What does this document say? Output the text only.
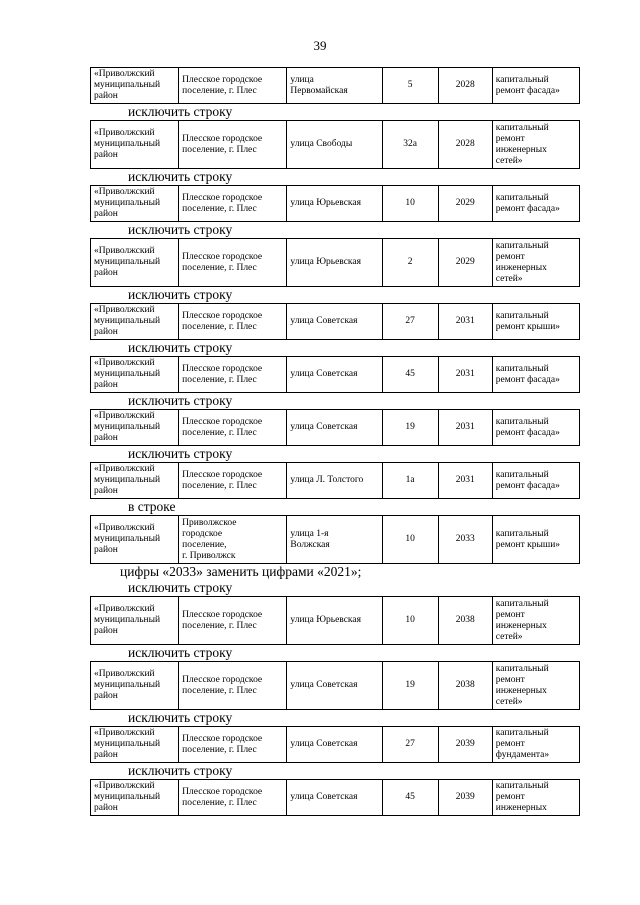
39
«Приволжский
муниципальный
район	Плесское городское
поселение, г. Плес	улица
Первомайская	5	2028	капитальный
ремонт фасада»
исключить строку
«Приволжский
муниципальный
район	Плесское городское
поселение, г. Плес	улица Свободы	32а	2028	капитальный
ремонт
инженерных
сетей»
исключить строку
«Приволжский
муниципальный
район	Плесское городское
поселение, г. Плес	улица Юрьевская	10	2029	капитальный
ремонт фасада»
исключить строку
«Приволжский
муниципальный
район	Плесское городское
поселение, г. Плес	улица Юрьевская	2	2029	капитальный
ремонт
инженерных
сетей»
исключить строку
«Приволжский
муниципальный
район	Плесское городское
поселение, г. Плес	улица Советская	27	2031	капитальный
ремонт крыши»
исключить строку
«Приволжский
муниципальный
район	Плесское городское
поселение, г. Плес	улица Советская	45	2031	капитальный
ремонт фасада»
исключить строку
«Приволжский
муниципальный
район	Плесское городское
поселение, г. Плес	улица Советская	19	2031	капитальный
ремонт фасада»
исключить строку
«Приволжский
муниципальный
район	Плесское городское
поселение, г. Плес	улица Л. Толстого	1а	2031	капитальный
ремонт фасада»
в строке
«Приволжский
муниципальный
район	Приволжское
городское
поселение,
г. Приволжск	улица 1-я
Волжская	10	2033	капитальный
ремонт крыши»
цифры «2033» заменить цифрами «2021»;
исключить строку
«Приволжский
муниципальный
район	Плесское городское
поселение, г. Плес	улица Юрьевская	10	2038	капитальный
ремонт
инженерных
сетей»
исключить строку
«Приволжский
муниципальный
район	Плесское городское
поселение, г. Плес	улица Советская	19	2038	капитальный
ремонт
инженерных
сетей»
исключить строку
«Приволжский
муниципальный
район	Плесское городское
поселение, г. Плес	улица Советская	27	2039	капитальный
ремонт
фундамента»
исключить строку
«Приволжский
муниципальный
район	Плесское городское
поселение, г. Плес	улица Советская	45	2039	капитальный
ремонт
инженерных
